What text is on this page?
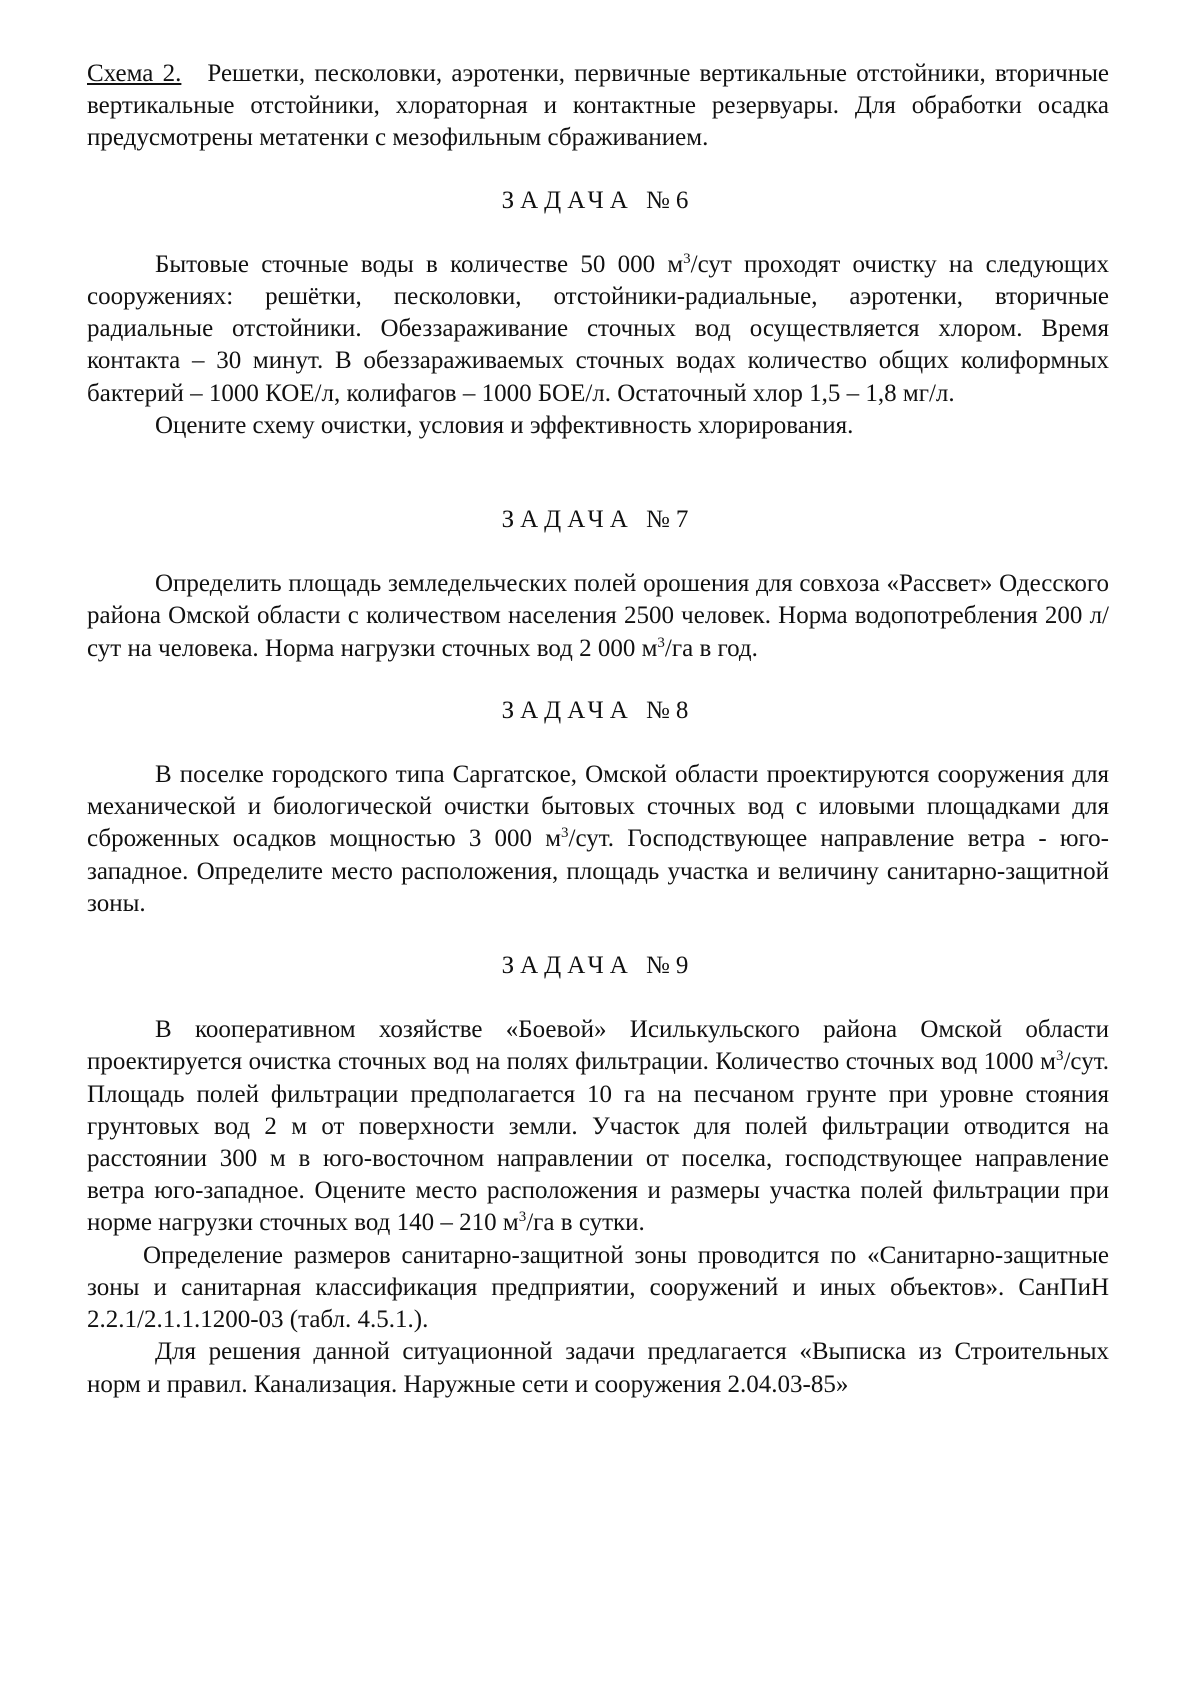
Схема 2. Решетки, песколовки, аэротенки, первичные вертикальные отстойники, вторичные вертикальные отстойники, хлораторная и контактные резервуары. Для обработки осадка предусмотрены метатенки с мезофильным сбраживанием.

ЗАДАЧА №6

Бытовые сточные воды в количестве 50 000 $м^3$/сут проходят очистку на следующих сооружениях: решётки, песколовки, отстойники-радиальные, аэротенки, вторичные радиальные отстойники. Обеззараживание сточных вод осуществляется хлором. Время контакта – 30 минут. В обеззараживаемых сточных водах количество общих колиформных бактерий – 1000 КОЕ/л, колифагов – 1000 БОЕ/л. Остаточный хлор 1,5 – 1,8 мг/л.

Оцените схему очистки, условия и эффективность хлорирования.

ЗАДАЧА №7

Определить площадь земледельческих полей орошения для совхоза «Рассвет» Одесского района Омской области с количеством населения 2500 человек. Норма водопотребления 200 л/сут на человека. Норма нагрузки сточных вод 2 000 $м^3/га$ в год.

ЗАДАЧА №8

В поселке городского типа Саргатское, Омской области проектируются сооружения для механической и биологической очистки бытовых сточных вод с иловыми площадками для сброженных осадков мощностью 3 000 $м^3$/сут. Господствующее направление ветра - юго-западное. Определите место расположения, площадь участка и величину санитарно-защитной зоны.

ЗАДАЧА №9

В кооперативном хозяйстве «Боевой» Исилькульского района Омской области проектируется очистка сточных вод на полях фильтрации. Количество сточных вод 1000 $м^3$/сут. Площадь полей фильтрации предполагается 10 га на песчаном грунте при уровне стояния грунтовых вод 2 м от поверхности земли. Участок для полей фильтрации отводится на расстоянии 300 м в юго-восточном направлении от поселка, господствующее направление ветра юго-западное. Оцените место расположения и размеры участка полей фильтрации при норме нагрузки сточных вод 140 – 210 $м^3/га$ в сутки.

Определение размеров санитарно-защитной зоны проводится по «Санитарно-защитные зоны и санитарная классификация предприятии, сооружений и иных объектов». СанПиН 2.2.1/2.1.1.1200-03 (табл. 4.5.1.).

Для решения данной ситуационной задачи предлагается «Выписка из Строительных норм и правил. Канализация. Наружные сети и сооружения 2.04.03-85»
